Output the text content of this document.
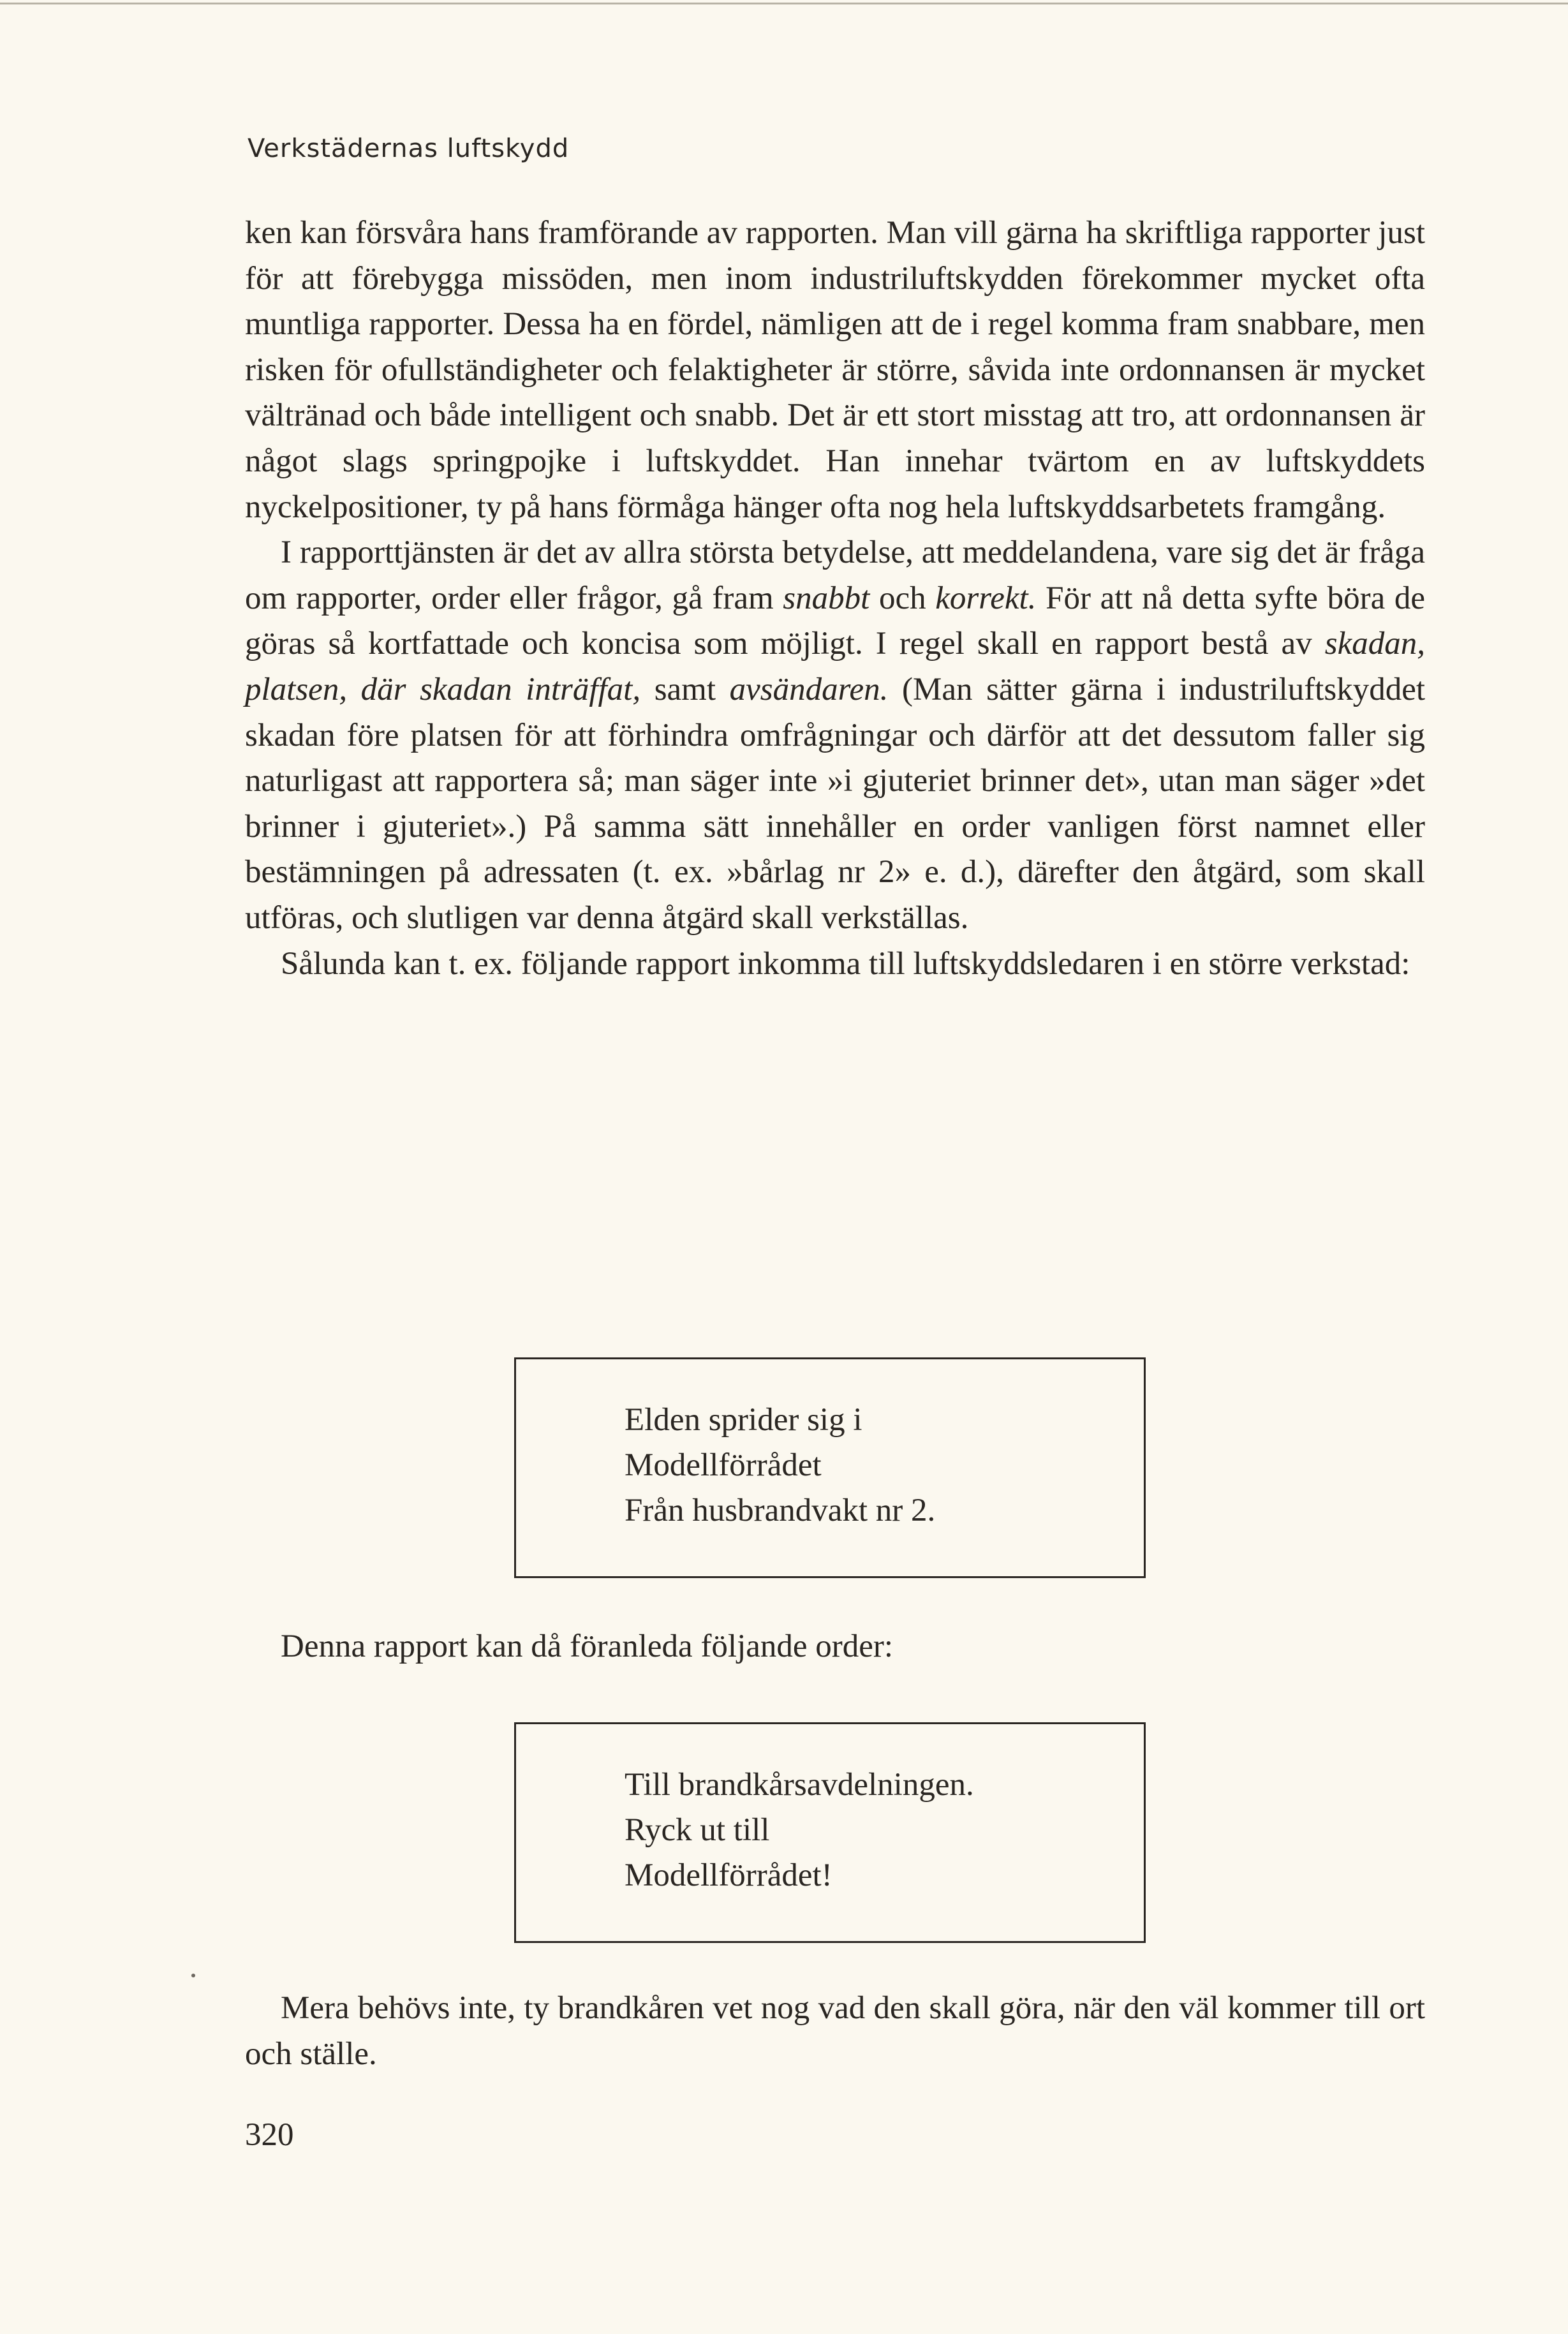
Verkstädernas luftskydd

ken kan försvåra hans framförande av rapporten. Man vill gärna ha skriftliga rapporter just för att förebygga missöden, men inom industriluftskydden förekommer mycket ofta muntliga rapporter. Dessa ha en fördel, nämligen att de i regel komma fram snabbare, men risken för ofullständigheter och felaktigheter är större, såvida inte ordonnansen är mycket vältränad och både intelligent och snabb. Det är ett stort misstag att tro, att ordonnansen är något slags springpojke i luftskyddet. Han innehar tvärtom en av luftskyddets nyckelpositioner, ty på hans förmåga hänger ofta nog hela luftskyddsarbetets framgång.

I rapporttjänsten är det av allra största betydelse, att meddelandena, vare sig det är fråga om rapporter, order eller frågor, gå fram snabbt och korrekt. För att nå detta syfte böra de göras så kortfattade och koncisa som möjligt. I regel skall en rapport bestå av skadan, platsen, där skadan inträffat, samt avsändaren. (Man sätter gärna i industriluftskyddet skadan före platsen för att förhindra omfrågningar och därför att det dessutom faller sig naturligast att rapportera så; man säger inte »i gjuteriet brinner det», utan man säger »det brinner i gjuteriet».) På samma sätt innehåller en order vanligen först namnet eller bestämningen på adressaten (t. ex. »bårlag nr 2» e. d.), därefter den åtgärd, som skall utföras, och slutligen var denna åtgärd skall verkställas.

Sålunda kan t. ex. följande rapport inkomma till luftskyddsledaren i en större verkstad:

Elden sprider sig i
Modellförrådet
Från husbrandvakt nr 2.
Denna rapport kan då föranleda följande order:
Till brandkårsavdelningen.
Ryck ut till
Modellförrådet!

Mera behövs inte, ty brandkåren vet nog vad den skall göra, när den väl kommer till ort och ställe.

320
